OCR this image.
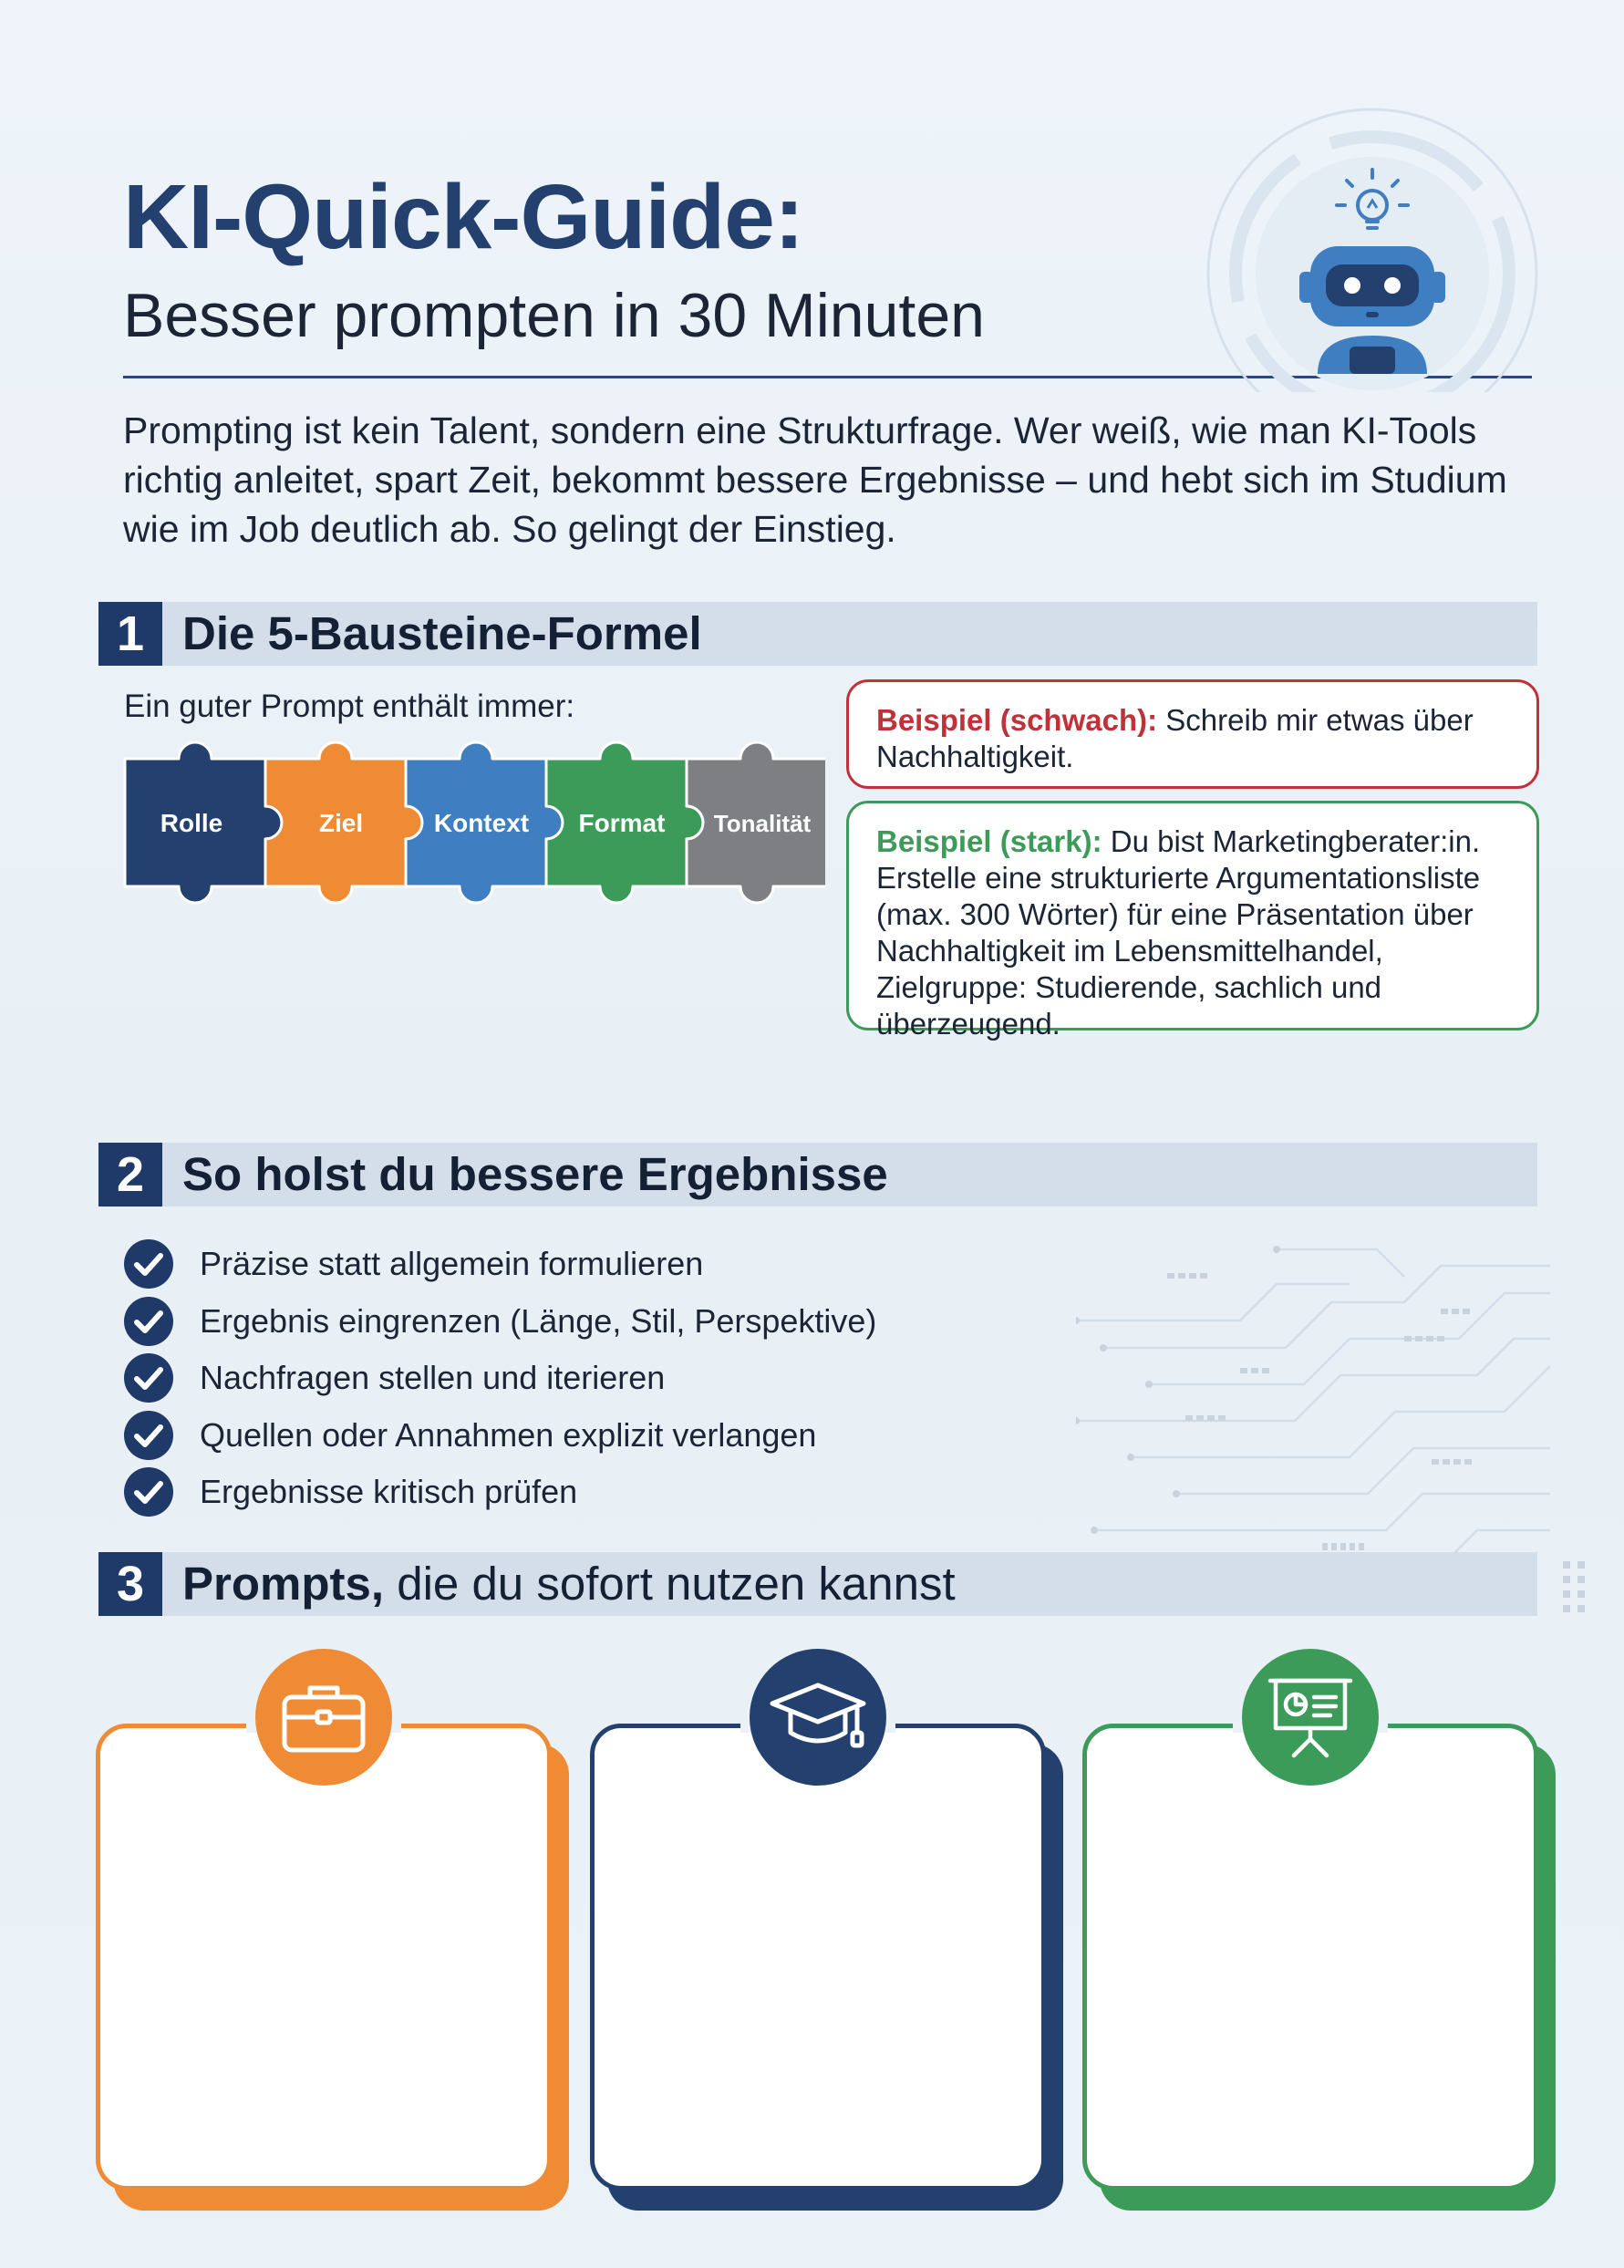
KI-Quick-Guide:
Besser prompten in 30 Minuten
Prompting ist kein Talent, sondern eine Strukturfrage. Wer weiß, wie man KI-Tools richtig anleitet, spart Zeit, bekommt bessere Ergebnisse – und hebt sich im Studium wie im Job deutlich ab. So gelingt der Einstieg.
1 Die 5-Bausteine-Formel
Ein guter Prompt enthält immer:
Rolle	Ziel	Kontext Format Tonalität
Beispiel (schwach): Schreib mir etwas über Nachhaltigkeit.
Beispiel (stark): Du bist Marketingberater:in. Erstelle eine strukturierte Argumentationsliste (max. 300 Wörter) für eine Präsentation über Nachhaltigkeit im Lebensmittelhandel, Zielgruppe: Studierende, sachlich und überzeugend.
2 So holst du bessere Ergebnisse
Präzise statt allgemein formulieren
Ergebnis eingrenzen (Länge, Stil, Perspektive)
Nachfragen stellen und iterieren
Quellen oder Annahmen explizit verlangen
Ergebnisse kritisch prüfen
3 Prompts, die du sofort nutzen kannst
